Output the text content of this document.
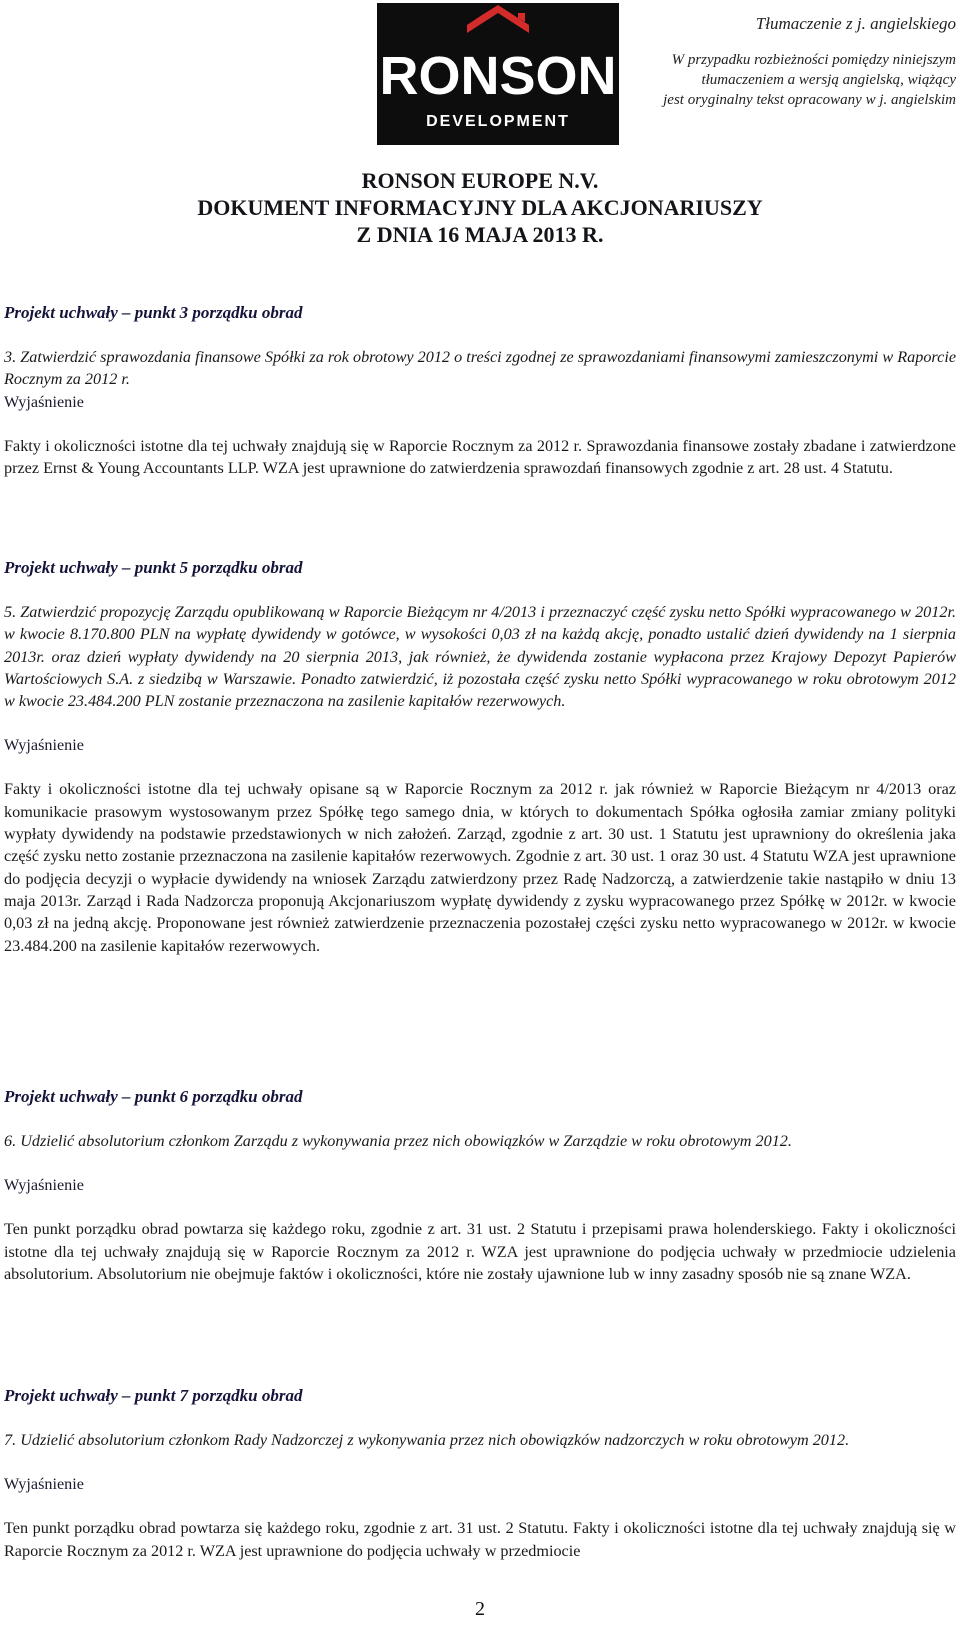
RONSON
DEVELOPMENT
Tłumaczenie z j. angielskiego
W przypadku rozbieżności pomiędzy niniejszym
tłumaczeniem a wersją angielską, wiążący
jest oryginalny tekst opracowany w j. angielskim
RONSON EUROPE N.V.
DOKUMENT INFORMACYJNY DLA AKCJONARIUSZY
Z DNIA 16 MAJA 2013 R.
Projekt uchwały – punkt 3 porządku obrad

3. Zatwierdzić sprawozdania finansowe Spółki za rok obrotowy 2012 o treści zgodnej ze sprawozdaniami finansowymi zamieszczonymi w Raporcie Rocznym za 2012 r.

Wyjaśnienie

Fakty i okoliczności istotne dla tej uchwały znajdują się w Raporcie Rocznym za 2012 r. Sprawozdania finansowe zostały zbadane i zatwierdzone przez Ernst & Young Accountants LLP. WZA jest uprawnione do zatwierdzenia sprawozdań finansowych zgodnie z art. 28 ust. 4 Statutu.

Projekt uchwały – punkt 5 porządku obrad

5. Zatwierdzić propozycję Zarządu opublikowaną w Raporcie Bieżącym nr 4/2013 i przeznaczyć część zysku netto Spółki wypracowanego w 2012r. w kwocie 8.170.800 PLN na wypłatę dywidendy w gotówce, w wysokości 0,03 zł na każdą akcję, ponadto ustalić dzień dywidendy na 1 sierpnia 2013r. oraz dzień wypłaty dywidendy na 20 sierpnia 2013, jak również, że dywidenda zostanie wypłacona przez Krajowy Depozyt Papierów Wartościowych S.A. z siedzibą w Warszawie. Ponadto zatwierdzić, iż pozostała część zysku netto Spółki wypracowanego w roku obrotowym 2012 w kwocie 23.484.200 PLN zostanie przeznaczona na zasilenie kapitałów rezerwowych.

Wyjaśnienie

Fakty i okoliczności istotne dla tej uchwały opisane są w Raporcie Rocznym za 2012 r. jak również w Raporcie Bieżącym nr 4/2013 oraz komunikacie prasowym wystosowanym przez Spółkę tego samego dnia, w których to dokumentach Spółka ogłosiła zamiar zmiany polityki wypłaty dywidendy na podstawie przedstawionych w nich założeń. Zarząd, zgodnie z art. 30 ust. 1 Statutu jest uprawniony do określenia jaka część zysku netto zostanie przeznaczona na zasilenie kapitałów rezerwowych. Zgodnie z art. 30 ust. 1 oraz 30 ust. 4 Statutu WZA jest uprawnione do podjęcia decyzji o wypłacie dywidendy na wniosek Zarządu zatwierdzony przez Radę Nadzorczą, a zatwierdzenie takie nastąpiło w dniu 13 maja 2013r. Zarząd i Rada Nadzorcza proponują Akcjonariuszom wypłatę dywidendy z zysku wypracowanego przez Spółkę w 2012r. w kwocie 0,03 zł na jedną akcję. Proponowane jest również zatwierdzenie przeznaczenia pozostałej części zysku netto wypracowanego w 2012r. w kwocie 23.484.200 na zasilenie kapitałów rezerwowych.

Projekt uchwały – punkt 6 porządku obrad

6. Udzielić absolutorium członkom Zarządu z wykonywania przez nich obowiązków w Zarządzie w roku obrotowym 2012.

Wyjaśnienie

Ten punkt porządku obrad powtarza się każdego roku, zgodnie z art. 31 ust. 2 Statutu i przepisami prawa holenderskiego. Fakty i okoliczności istotne dla tej uchwały znajdują się w Raporcie Rocznym za 2012 r. WZA jest uprawnione do podjęcia uchwały w przedmiocie udzielenia absolutorium. Absolutorium nie obejmuje faktów i okoliczności, które nie zostały ujawnione lub w inny zasadny sposób nie są znane WZA.

Projekt uchwały – punkt 7 porządku obrad

7. Udzielić absolutorium członkom Rady Nadzorczej z wykonywania przez nich obowiązków nadzorczych w roku obrotowym 2012.

Wyjaśnienie

Ten punkt porządku obrad powtarza się każdego roku, zgodnie z art. 31 ust. 2 Statutu. Fakty i okoliczności istotne dla tej uchwały znajdują się w Raporcie Rocznym za 2012 r. WZA jest uprawnione do podjęcia uchwały w przedmiocie

2
